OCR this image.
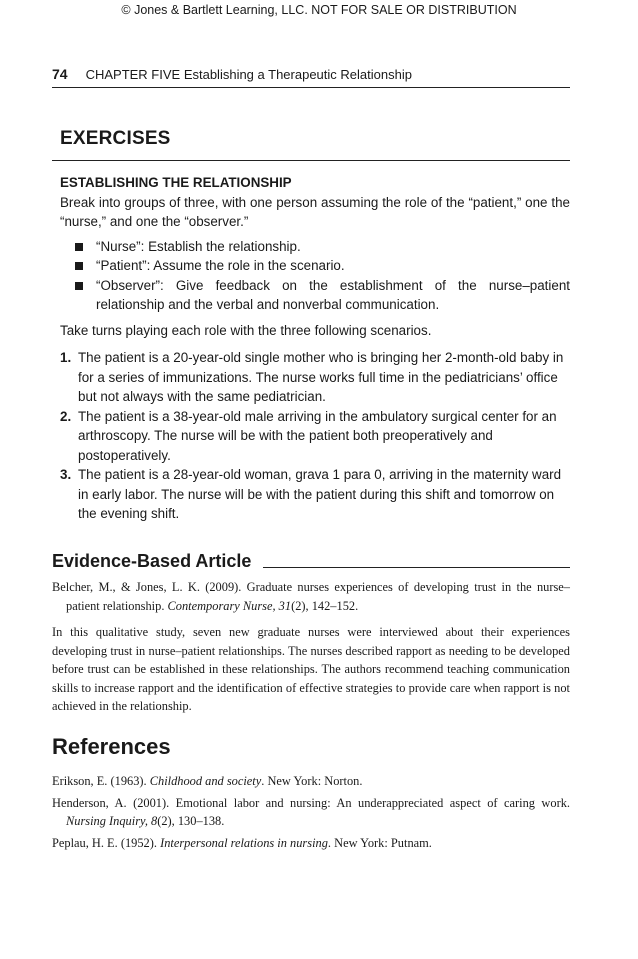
© Jones & Bartlett Learning, LLC. NOT FOR SALE OR DISTRIBUTION
74 CHAPTER FIVE Establishing a Therapeutic Relationship
EXERCISES
ESTABLISHING THE RELATIONSHIP

Break into groups of three, with one person assuming the role of the “patient,” one the “nurse,” and one the “observer.”

“Nurse”: Establish the relationship.
“Patient”: Assume the role in the scenario.
“Observer”: Give feedback on the establishment of the nurse–patient relationship and the verbal and nonverbal communication.

Take turns playing each role with the three following scenarios.

1. The patient is a 20-year-old single mother who is bringing her 2-month-old baby in for a series of immunizations. The nurse works full time in the pediatricians’ office but not always with the same pediatrician.
2. The patient is a 38-year-old male arriving in the ambulatory surgical center for an arthroscopy. The nurse will be with the patient both preoperatively and postoperatively.
3. The patient is a 28-year-old woman, grava 1 para 0, arriving in the maternity ward in early labor. The nurse will be with the patient during this shift and tomorrow on the evening shift.
Evidence-Based Article

Belcher, M., & Jones, L. K. (2009). Graduate nurses experiences of developing trust in the nurse–patient relationship. Contemporary Nurse, 31(2), 142–152.

In this qualitative study, seven new graduate nurses were interviewed about their experiences developing trust in nurse–patient relationships. The nurses described rapport as needing to be developed before trust can be established in these relationships. The authors recommend teaching communication skills to increase rapport and the identification of effective strategies to provide care when rapport is not achieved in the relationship.

References

Erikson, E. (1963). Childhood and society. New York: Norton.

Henderson, A. (2001). Emotional labor and nursing: An underappreciated aspect of caring work. Nursing Inquiry, 8(2), 130–138.

Peplau, H. E. (1952). Interpersonal relations in nursing. New York: Putnam.
